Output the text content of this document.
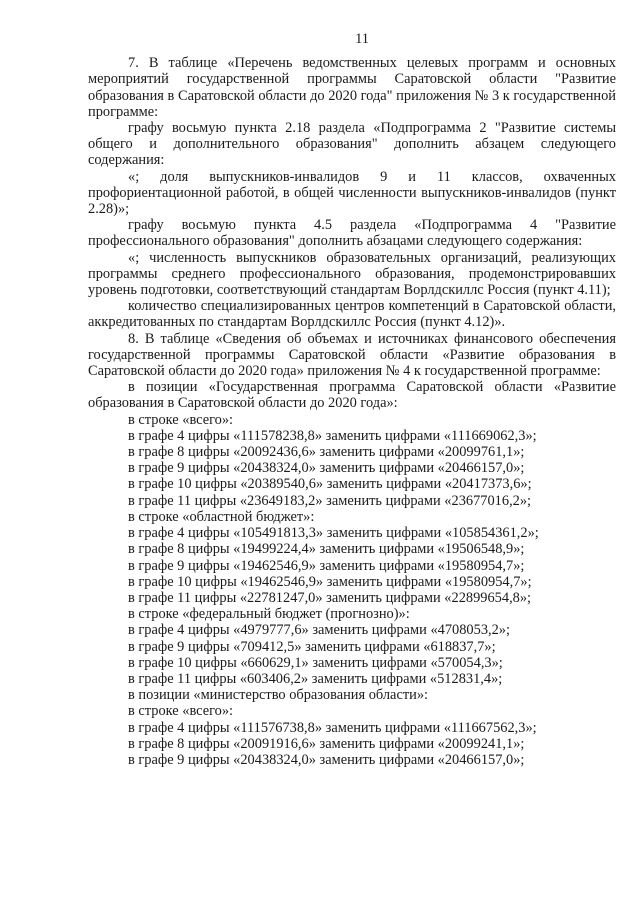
11

7. В таблице «Перечень ведомственных целевых программ и основных мероприятий государственной программы Саратовской области "Развитие образования в Саратовской области до 2020 года" приложения № 3 к государственной программе:

графу восьмую пункта 2.18 раздела «Подпрограмма 2 "Развитие системы общего и дополнительного образования" дополнить абзацем следующего содержания:

«; доля выпускников-инвалидов 9 и 11 классов, охваченных профориентационной работой, в общей численности выпускников-инвалидов (пункт 2.28)»;

графу восьмую пункта 4.5 раздела «Подпрограмма 4 "Развитие профессионального образования" дополнить абзацами следующего содержания:

«; численность выпускников образовательных организаций, реализующих программы среднего профессионального образования, продемонстрировавших уровень подготовки, соответствующий стандартам Ворлдскиллс Россия (пункт 4.11);

количество специализированных центров компетенций в Саратовской области, аккредитованных по стандартам Ворлдскиллс Россия (пункт 4.12)».

8. В таблице «Сведения об объемах и источниках финансового обеспечения государственной программы Саратовской области «Развитие образования в Саратовской области до 2020 года» приложения № 4 к государственной программе:

в позиции «Государственная программа Саратовской области «Развитие образования в Саратовской области до 2020 года»:

в строке «всего»:

в графе 4 цифры «111578238,8» заменить цифрами «111669062,3»;

в графе 8 цифры «20092436,6» заменить цифрами «20099761,1»;

в графе 9 цифры «20438324,0» заменить цифрами «20466157,0»;

в графе 10 цифры «20389540,6» заменить цифрами «20417373,6»;

в графе 11 цифры «23649183,2» заменить цифрами «23677016,2»;

в строке «областной бюджет»:

в графе 4 цифры «105491813,3» заменить цифрами «105854361,2»;

в графе 8 цифры «19499224,4» заменить цифрами «19506548,9»;

в графе 9 цифры «19462546,9» заменить цифрами «19580954,7»;

в графе 10 цифры «19462546,9» заменить цифрами «19580954,7»;

в графе 11 цифры «22781247,0» заменить цифрами «22899654,8»;

в строке «федеральный бюджет (прогнозно)»:

в графе 4 цифры «4979777,6» заменить цифрами «4708053,2»;

в графе 9 цифры «709412,5» заменить цифрами «618837,7»;

в графе 10 цифры «660629,1» заменить цифрами «570054,3»;

в графе 11 цифры «603406,2» заменить цифрами «512831,4»;

в позиции «министерство образования области»:

в строке «всего»:

в графе 4 цифры «111576738,8» заменить цифрами «111667562,3»;

в графе 8 цифры «20091916,6» заменить цифрами «20099241,1»;

в графе 9 цифры «20438324,0» заменить цифрами «20466157,0»;
